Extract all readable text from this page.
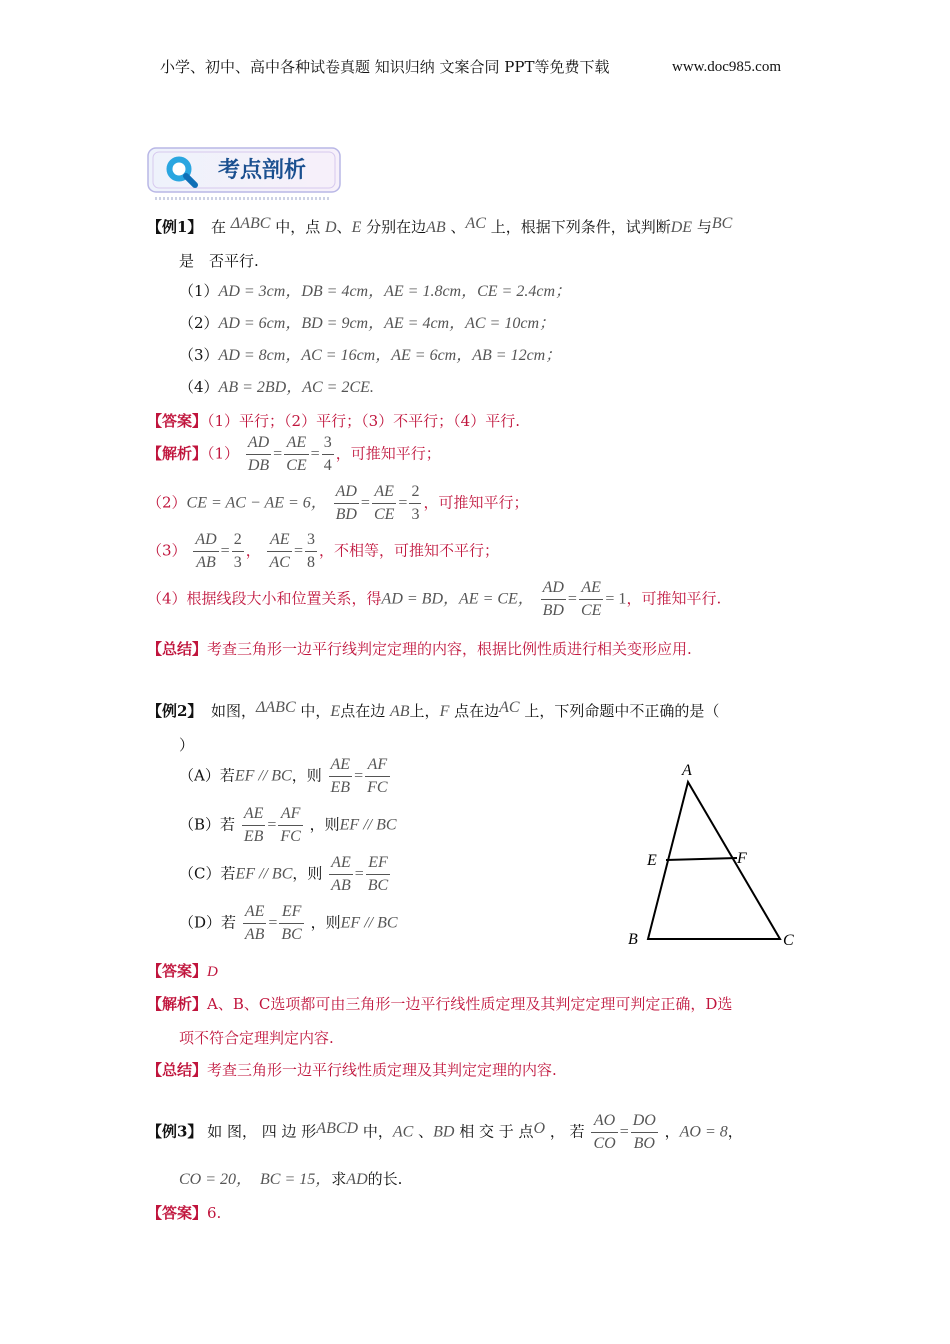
小学、初中、高中各种试卷真题 知识归纳 文案合同 PPT等免费下载	www.doc985.com
考点剖析
【例1】 在 ΔABC 中，点 D、E 分别在边AB 、AC 上，根据下列条件，试判断DE 与BC
是　否平行.
（1）AD = 3cm，DB = 4cm，AE = 1.8cm，CE = 2.4cm；
（2）AD = 6cm，BD = 9cm，AE = 4cm，AC = 10cm；
（3）AD = 8cm，AC = 16cm，AE = 6cm，AB = 12cm；
（4）AB = 2BD，AC = 2CE.
【答案】（1）平行；（2）平行；（3）不平行；（4）平行.
【解析】$(1) \frac{AD}{DB} = \frac{AE}{CE} = \frac{3}{4}$ ，可推知平行；
（2）CE = AC − AE = 6， $\frac{AD}{BD} = \frac{AE}{CE} = \frac{2}{3}$ ，可推知平行；
$(3) \frac{AD}{AB} = \frac{2}{3}$ ， $\frac{AE}{AC} = \frac{3}{8}$ ，不相等，可推知不平行；
（4）根据线段大小和位置关系，得AD = BD，AE = CE， $\frac{AD}{BD} = \frac{AE}{CE} = 1$，可推知平行.
【总结】考查三角形一边平行线判定定理的内容，根据比例性质进行相关变形应用.
【例2】 如图，ΔABC 中，E点在边 AB上，F 点在边AC 上，下列命题中不正确的是（
）
（A）若EF // BC，则 $\frac{AE}{EB} = \frac{AF}{FC}$
（B）若 $\frac{AE}{EB} = \frac{AF}{FC}$ ，则EF // BC
（C）若EF // BC，则 $\frac{AE}{AB} = \frac{EF}{BC}$
（D）若 $\frac{AE}{AB} = \frac{EF}{BC}$ ，则EF // BC
A
B	C
E	F
【答案】D
【解析】A、B、C选项都可由三角形一边平行线性质定理及其判定定理可判定正确，D选
项不符合定理判定内容.
【总结】考查三角形一边平行线性质定理及其判定定理的内容.
【例3】 如 图， 四 边 形ABCD 中，AC 、BD 相 交 于 点O ， 若 $\frac{AO}{CO} = \frac{DO}{BO}$ ，AO = 8，
CO = 20，　BC = 15，求AD的长.
【答案】6.
